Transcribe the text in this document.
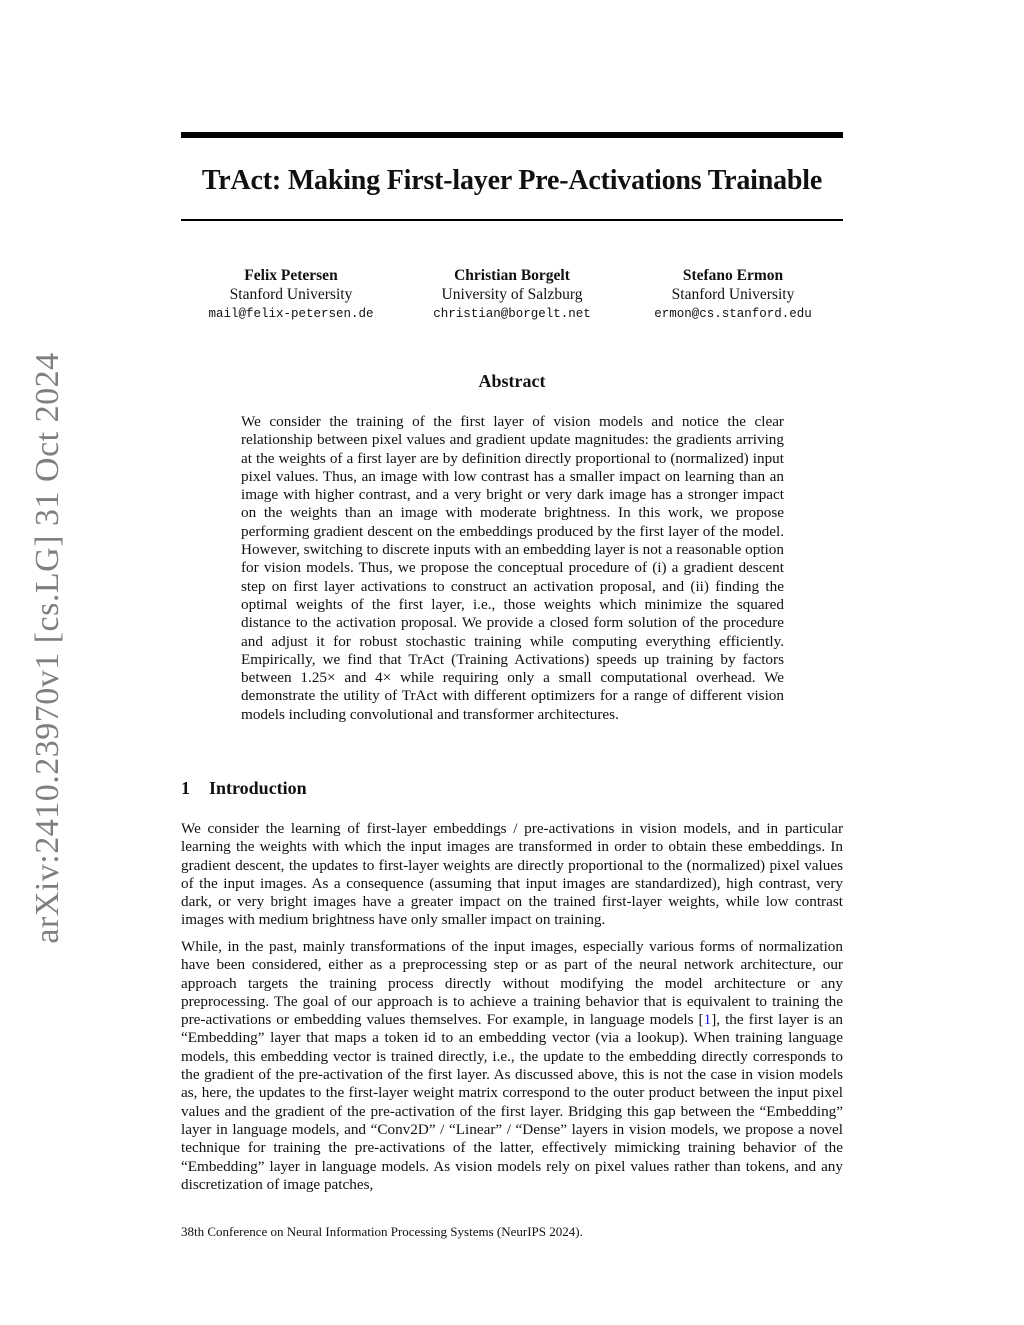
arXiv:2410.23970v1 [cs.LG] 31 Oct 2024
TrAct: Making First-layer Pre-Activations Trainable
Felix Petersen
Stanford University
mail@felix-petersen.de
Christian Borgelt
University of Salzburg
christian@borgelt.net
Stefano Ermon
Stanford University
ermon@cs.stanford.edu
Abstract
We consider the training of the first layer of vision models and notice the clear relationship between pixel values and gradient update magnitudes: the gradients arriving at the weights of a first layer are by definition directly proportional to (normalized) input pixel values. Thus, an image with low contrast has a smaller impact on learning than an image with higher contrast, and a very bright or very dark image has a stronger impact on the weights than an image with moderate brightness. In this work, we propose performing gradient descent on the embeddings produced by the first layer of the model. However, switching to discrete inputs with an embedding layer is not a reasonable option for vision models. Thus, we propose the conceptual procedure of (i) a gradient descent step on first layer activations to construct an activation proposal, and (ii) finding the optimal weights of the first layer, i.e., those weights which minimize the squared distance to the activation proposal. We provide a closed form solution of the procedure and adjust it for robust stochastic training while computing everything efficiently. Empirically, we find that TrAct (Training Activations) speeds up training by factors between 1.25× and 4× while requiring only a small computational overhead. We demonstrate the utility of TrAct with different optimizers for a range of different vision models including convolutional and transformer architectures.
1 Introduction
We consider the learning of first-layer embeddings / pre-activations in vision models, and in particular learning the weights with which the input images are transformed in order to obtain these embeddings. In gradient descent, the updates to first-layer weights are directly proportional to the (normalized) pixel values of the input images. As a consequence (assuming that input images are standardized), high contrast, very dark, or very bright images have a greater impact on the trained first-layer weights, while low contrast images with medium brightness have only smaller impact on training.
While, in the past, mainly transformations of the input images, especially various forms of normalization have been considered, either as a preprocessing step or as part of the neural network architecture, our approach targets the training process directly without modifying the model architecture or any preprocessing. The goal of our approach is to achieve a training behavior that is equivalent to training the pre-activations or embedding values themselves. For example, in language models [1], the first layer is an “Embedding” layer that maps a token id to an embedding vector (via a lookup). When training language models, this embedding vector is trained directly, i.e., the update to the embedding directly corresponds to the gradient of the pre-activation of the first layer. As discussed above, this is not the case in vision models as, here, the updates to the first-layer weight matrix correspond to the outer product between the input pixel values and the gradient of the pre-activation of the first layer. Bridging this gap between the “Embedding” layer in language models, and “Conv2D” / “Linear” / “Dense” layers in vision models, we propose a novel technique for training the pre-activations of the latter, effectively mimicking training behavior of the “Embedding” layer in language models. As vision models rely on pixel values rather than tokens, and any discretization of image patches,
38th Conference on Neural Information Processing Systems (NeurIPS 2024).
